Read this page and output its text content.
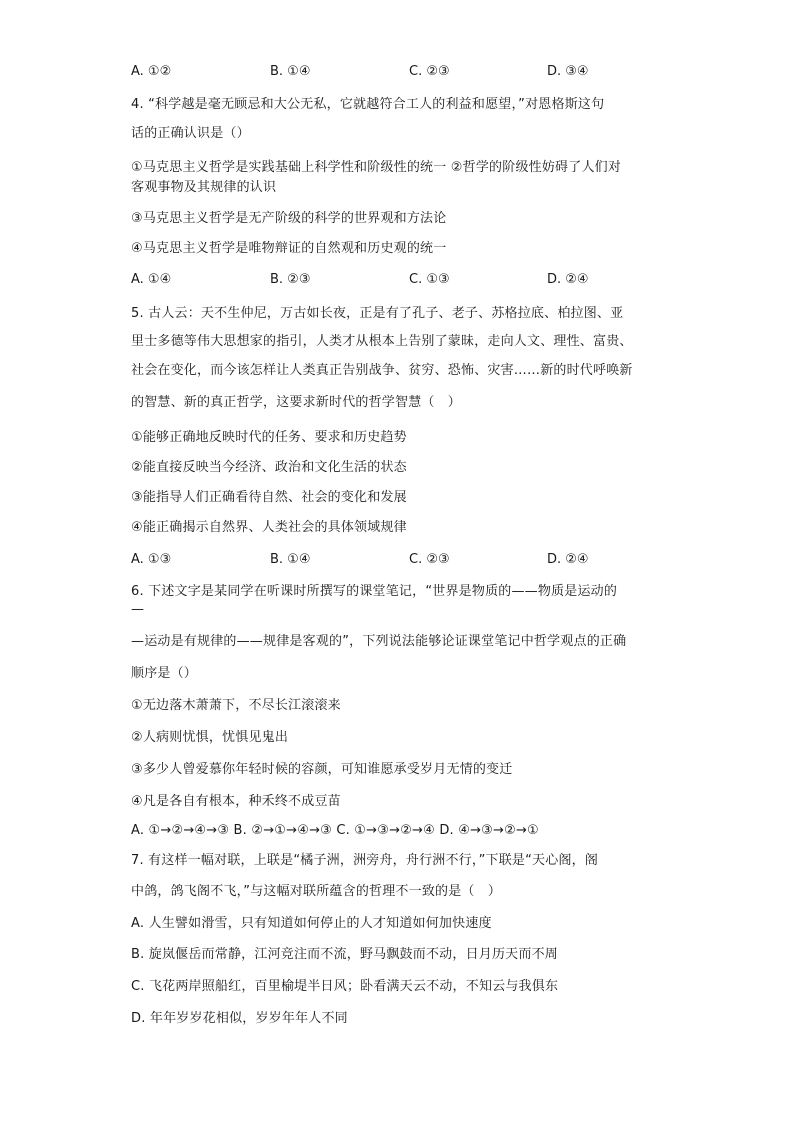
A. ①②	B. ①④	C. ②③	D. ③④
4. “科学越是毫无顾忌和大公无私，它就越符合工人的利益和愿望，”对恩格斯这句
话的正确认识是（）
①马克思主义哲学是实践基础上科学性和阶级性的统一 ②哲学的阶级性妨碍了人们对
客观事物及其规律的认识
③马克思主义哲学是无产阶级的科学的世界观和方法论
④马克思主义哲学是唯物辩证的自然观和历史观的统一
A. ①④	B. ②③	C. ①③	D. ②④
5. 古人云：天不生仲尼，万古如长夜，正是有了孔子、老子、苏格拉底、柏拉图、亚
里士多德等伟大思想家的指引，人类才从根本上告别了蒙昧，走向人文、理性、富贵、
社会在变化，而今该怎样让人类真正告别战争、贫穷、恐怖、灾害……新的时代呼唤新
的智慧、新的真正哲学，这要求新时代的哲学智慧（　）
①能够正确地反映时代的任务、要求和历史趋势
②能直接反映当今经济、政治和文化生活的状态
③能指导人们正确看待自然、社会的变化和发展
④能正确揭示自然界、人类社会的具体领域规律
A. ①③	B. ①④	C. ②③	D. ②④
6. 下述文字是某同学在听课时所撰写的课堂笔记，“世界是物质的——物质是运动的
—
—运动是有规律的——规律是客观的”，下列说法能够论证课堂笔记中哲学观点的正确
顺序是（）
①无边落木萧萧下，不尽长江滚滚来
②人病则忧惧，忧惧见鬼出
③多少人曾爱慕你年轻时候的容颜，可知谁愿承受岁月无情的变迁
④凡是各自有根本，种禾终不成豆苗
A. ①→②→④→③ B. ②→①→④→③ C. ①→③→②→④ D. ④→③→②→①
7. 有这样一幅对联，上联是“橘子洲，洲旁舟，舟行洲不行，”下联是“天心阁，阁
中鸽，鸽飞阁不飞，”与这幅对联所蕴含的哲理不一致的是（　）
A. 人生譬如滑雪，只有知道如何停止的人才知道如何加快速度
B. 旋岚偃岳而常静，江河竞注而不流，野马飘鼓而不动，日月历天而不周
C. 飞花两岸照船红，百里榆堤半日风；卧看满天云不动，不知云与我俱东
D. 年年岁岁花相似，岁岁年年人不同
